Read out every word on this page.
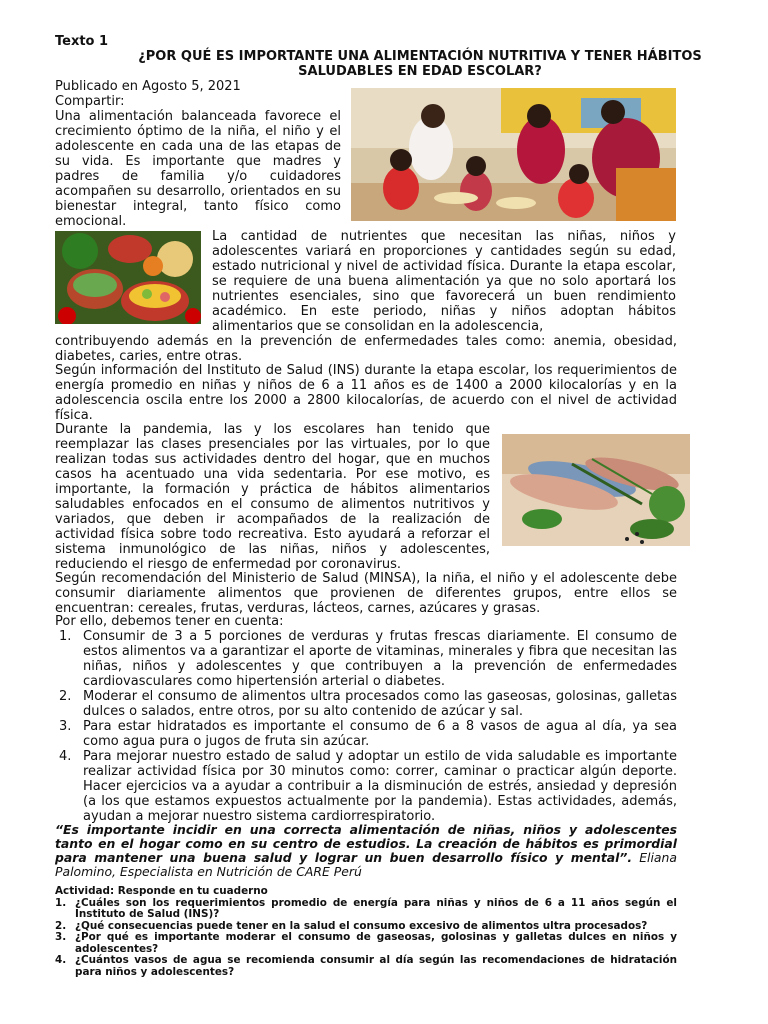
Texto 1
¿POR QUÉ ES IMPORTANTE UNA ALIMENTACIÓN NUTRITIVA Y TENER HÁBITOS SALUDABLES EN EDAD ESCOLAR?
Publicado en Agosto 5, 2021
Compartir:

Una alimentación balanceada favorece el crecimiento óptimo de la niña, el niño y el adolescente en cada una de las etapas de su vida. Es importante que madres y padres de familia y/o cuidadores acompañen su desarrollo, orientados en su bienestar integral, tanto físico como emocional.

La cantidad de nutrientes que necesitan las niñas, niños y adolescentes variará en proporciones y cantidades según su edad, estado nutricional y nivel de actividad física. Durante la etapa escolar, se requiere de una buena alimentación ya que no solo aportará los nutrientes esenciales, sino que favorecerá un buen rendimiento académico. En este periodo, niñas y niños adoptan hábitos alimentarios que se consolidan en la adolescencia,

contribuyendo además en la prevención de enfermedades tales como: anemia, obesidad, diabetes, caries, entre otras.

Según información del Instituto de Salud (INS) durante la etapa escolar, los requerimientos de energía promedio en niñas y niños de 6 a 11 años es de 1400 a 2000 kilocalorías y en la adolescencia oscila entre los 2000 a 2800 kilocalorías, de acuerdo con el nivel de actividad física.

Durante la pandemia, las y los escolares han tenido que reemplazar las clases presenciales por las virtuales, por lo que realizan todas sus actividades dentro del hogar, que en muchos casos ha acentuado una vida sedentaria. Por ese motivo, es importante, la formación y práctica de hábitos alimentarios saludables enfocados en el consumo de alimentos nutritivos y variados, que deben ir acompañados de la realización de actividad física sobre todo recreativa. Esto ayudará a reforzar el sistema inmunológico de las niñas, niños y adolescentes, reduciendo el riesgo de enfermedad por coronavirus.

Según recomendación del Ministerio de Salud (MINSA), la niña, el niño y el adolescente debe consumir diariamente alimentos que provienen de diferentes grupos, entre ellos se encuentran: cereales, frutas, verduras, lácteos, carnes, azúcares y grasas.

Por ello, debemos tener en cuenta:

1. Consumir de 3 a 5 porciones de verduras y frutas frescas diariamente. El consumo de estos alimentos va a garantizar el aporte de vitaminas, minerales y fibra que necesitan las niñas, niños y adolescentes y que contribuyen a la prevención de enfermedades cardiovasculares como hipertensión arterial o diabetes.
2. Moderar el consumo de alimentos ultra procesados como las gaseosas, golosinas, galletas dulces o salados, entre otros, por su alto contenido de azúcar y sal.
3. Para estar hidratados es importante el consumo de 6 a 8 vasos de agua al día, ya sea como agua pura o jugos de fruta sin azúcar.
4. Para mejorar nuestro estado de salud y adoptar un estilo de vida saludable es importante realizar actividad física por 30 minutos como: correr, caminar o practicar algún deporte. Hacer ejercicios va a ayudar a contribuir a la disminución de estrés, ansiedad y depresión (a los que estamos expuestos actualmente por la pandemia). Estas actividades, además, ayudan a mejorar nuestro sistema cardiorrespiratorio.

“Es importante incidir en una correcta alimentación de niñas, niños y adolescentes tanto en el hogar como en su centro de estudios. La creación de hábitos es primordial para mantener una buena salud y lograr un buen desarrollo físico y mental”. Eliana Palomino, Especialista en Nutrición de CARE Perú

Actividad: Responde en tu cuaderno
1. ¿Cuáles son los requerimientos promedio de energía para niñas y niños de 6 a 11 años según el Instituto de Salud (INS)?
2. ¿Qué consecuencias puede tener en la salud el consumo excesivo de alimentos ultra procesados?
3. ¿Por qué es importante moderar el consumo de gaseosas, golosinas y galletas dulces en niños y adolescentes?
4. ¿Cuántos vasos de agua se recomienda consumir al día según las recomendaciones de hidratación para niños y adolescentes?
